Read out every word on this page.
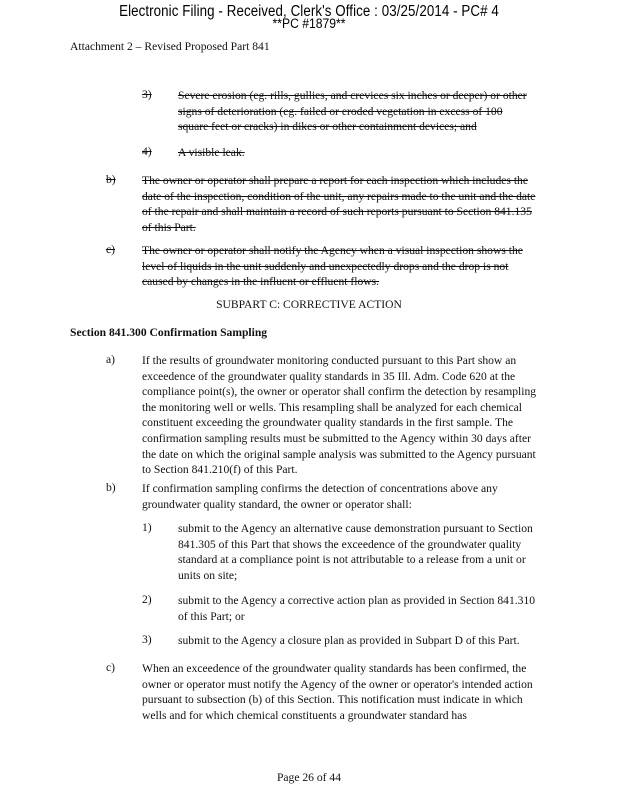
Electronic Filing - Received, Clerk's Office : 03/25/2014 - PC# 4
**PC #1879**
Attachment 2 – Revised Proposed Part 841
3) Severe erosion (eg. rills, gullies, and crevices six inches or deeper) or other signs of deterioration (eg. failed or eroded vegetation in excess of 100 square feet or cracks) in dikes or other containment devices; and
4) A visible leak.
b) The owner or operator shall prepare a report for each inspection which includes the date of the inspection, condition of the unit, any repairs made to the unit and the date of the repair and shall maintain a record of such reports pursuant to Section 841.135 of this Part.
c) The owner or operator shall notify the Agency when a visual inspection shows the level of liquids in the unit suddenly and unexpectedly drops and the drop is not caused by changes in the influent or effluent flows.
SUBPART C: CORRECTIVE ACTION
Section 841.300 Confirmation Sampling
a) If the results of groundwater monitoring conducted pursuant to this Part show an exceedence of the groundwater quality standards in 35 Ill. Adm. Code 620 at the compliance point(s), the owner or operator shall confirm the detection by resampling the monitoring well or wells. This resampling shall be analyzed for each chemical constituent exceeding the groundwater quality standards in the first sample. The confirmation sampling results must be submitted to the Agency within 30 days after the date on which the original sample analysis was submitted to the Agency pursuant to Section 841.210(f) of this Part.
b) If confirmation sampling confirms the detection of concentrations above any groundwater quality standard, the owner or operator shall:
1) submit to the Agency an alternative cause demonstration pursuant to Section 841.305 of this Part that shows the exceedence of the groundwater quality standard at a compliance point is not attributable to a release from a unit or units on site;
2) submit to the Agency a corrective action plan as provided in Section 841.310 of this Part; or
3) submit to the Agency a closure plan as provided in Subpart D of this Part.
c) When an exceedence of the groundwater quality standards has been confirmed, the owner or operator must notify the Agency of the owner or operator's intended action pursuant to subsection (b) of this Section. This notification must indicate in which wells and for which chemical constituents a groundwater standard has
Page 26 of 44
